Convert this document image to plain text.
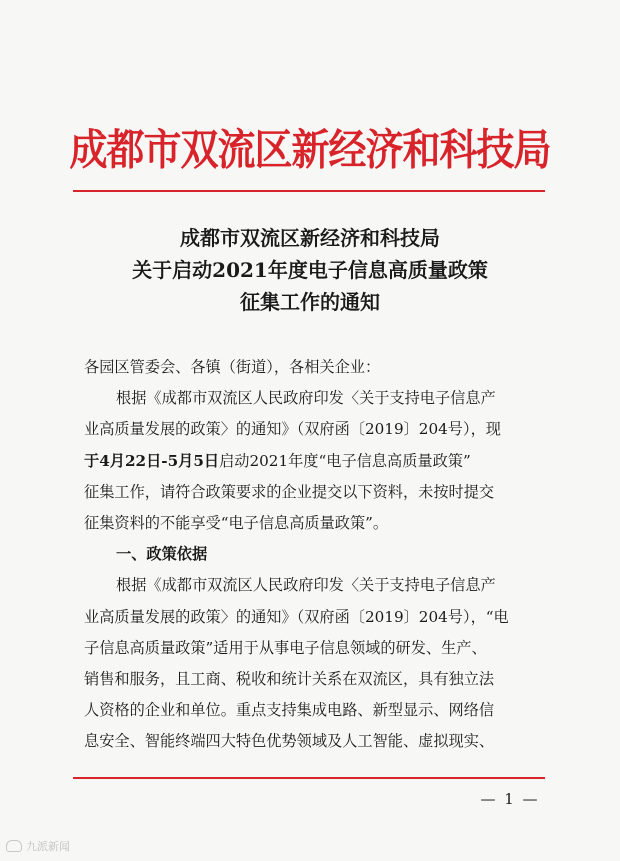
成都市双流区新经济和科技局
成都市双流区新经济和科技局
关于启动2021年度电子信息高质量政策
征集工作的通知

各园区管委会、各镇（街道），各相关企业：

根据《成都市双流区人民政府印发〈关于支持电子信息产

业高质量发展的政策〉的通知》（双府函〔2019〕204号），现

于4月22日-5月5日启动2021年度“电子信息高质量政策”

征集工作，请符合政策要求的企业提交以下资料，未按时提交

征集资料的不能享受“电子信息高质量政策”。

一、政策依据

根据《成都市双流区人民政府印发〈关于支持电子信息产

业高质量发展的政策〉的通知》（双府函〔2019〕204号），“电

子信息高质量政策”适用于从事电子信息领域的研发、生产、

销售和服务，且工商、税收和统计关系在双流区，具有独立法

人资格的企业和单位。重点支持集成电路、新型显示、网络信

息安全、智能终端四大特色优势领域及人工智能、虚拟现实、

— 1 —
九派新闻
